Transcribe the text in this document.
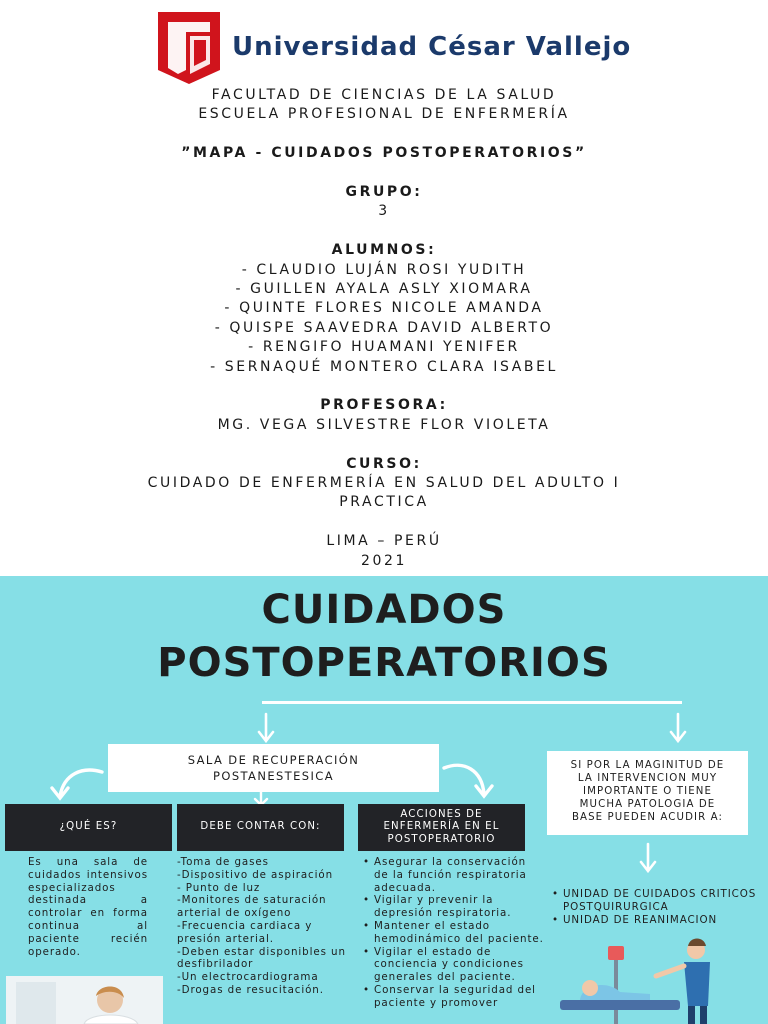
Universidad César Vallejo
FACULTAD DE CIENCIAS DE LA SALUD
ESCUELA PROFESIONAL DE ENFERMERÍA
”MAPA - CUIDADOS POSTOPERATORIOS”
GRUPO:
3
ALUMNOS:
- CLAUDIO LUJÁN ROSI YUDITH
- GUILLEN AYALA ASLY XIOMARA
- QUINTE FLORES NICOLE AMANDA
- QUISPE SAAVEDRA DAVID ALBERTO
- RENGIFO HUAMANI YENIFER
- SERNAQUÉ MONTERO CLARA ISABEL
PROFESORA:
MG. VEGA SILVESTRE FLOR VIOLETA
CURSO:
CUIDADO DE ENFERMERÍA EN SALUD DEL ADULTO I
PRACTICA
LIMA – PERÚ
2021
CUIDADOS
POSTOPERATORIOS
SALA DE RECUPERACIÓN
POSTANESTESICA
SI POR LA MAGINITUD DE
LA INTERVENCION MUY
IMPORTANTE O TIENE
MUCHA PATOLOGIA DE
BASE PUEDEN ACUDIR A:
¿QUÉ ES?	DEBE CONTAR CON:
ACCIONES DE
ENFERMERÍA EN EL
POSTOPERATORIO
Es una sala de cuidados intensivos especializados destinada a controlar en forma continua al paciente recién operado.
-Toma de gases
-Dispositivo de aspiración
- Punto de luz
-Monitores de saturación arterial de oxígeno
-Frecuencia cardiaca y presión arterial.
-Deben estar disponibles un desfibrilador
-Un electrocardiograma
-Drogas de resucitación.
• Asegurar la conservación de la función respiratoria adecuada.
• Vigilar y prevenir la depresión respiratoria.
• Mantener el estado hemodinámico del paciente.
• Vigilar el estado de conciencia y condiciones generales del paciente.
• Conservar la seguridad del paciente y promover
• UNIDAD DE CUIDADOS CRITICOS POSTQUIRURGICA
• UNIDAD DE REANIMACION
